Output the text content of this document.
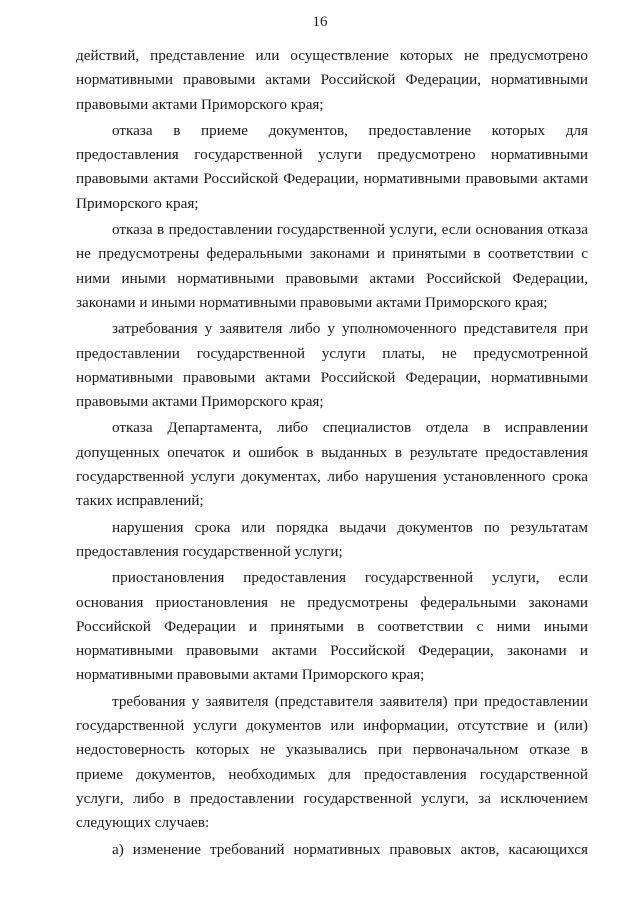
16

действий, представление или осуществление которых не предусмотрено нормативными правовыми актами Российской Федерации, нормативными правовыми актами Приморского края;

отказа в приеме документов, предоставление которых для предоставления государственной услуги предусмотрено нормативными правовыми актами Российской Федерации, нормативными правовыми актами Приморского края;

отказа в предоставлении государственной услуги, если основания отказа не предусмотрены федеральными законами и принятыми в соответствии с ними иными нормативными правовыми актами Российской Федерации, законами и иными нормативными правовыми актами Приморского края;

затребования у заявителя либо у уполномоченного представителя при предоставлении государственной услуги платы, не предусмотренной нормативными правовыми актами Российской Федерации, нормативными правовыми актами Приморского края;

отказа Департамента, либо специалистов отдела в исправлении допущенных опечаток и ошибок в выданных в результате предоставления государственной услуги документах, либо нарушения установленного срока таких исправлений;

нарушения срока или порядка выдачи документов по результатам предоставления государственной услуги;

приостановления предоставления государственной услуги, если основания приостановления не предусмотрены федеральными законами Российской Федерации и принятыми в соответствии с ними иными нормативными правовыми актами Российской Федерации, законами и нормативными правовыми актами Приморского края;

требования у заявителя (представителя заявителя) при предоставлении государственной услуги документов или информации, отсутствие и (или) недостоверность которых не указывались при первоначальном отказе в приеме документов, необходимых для предоставления государственной услуги, либо в предоставлении государственной услуги, за исключением следующих случаев:

а) изменение требований нормативных правовых актов, касающихся
